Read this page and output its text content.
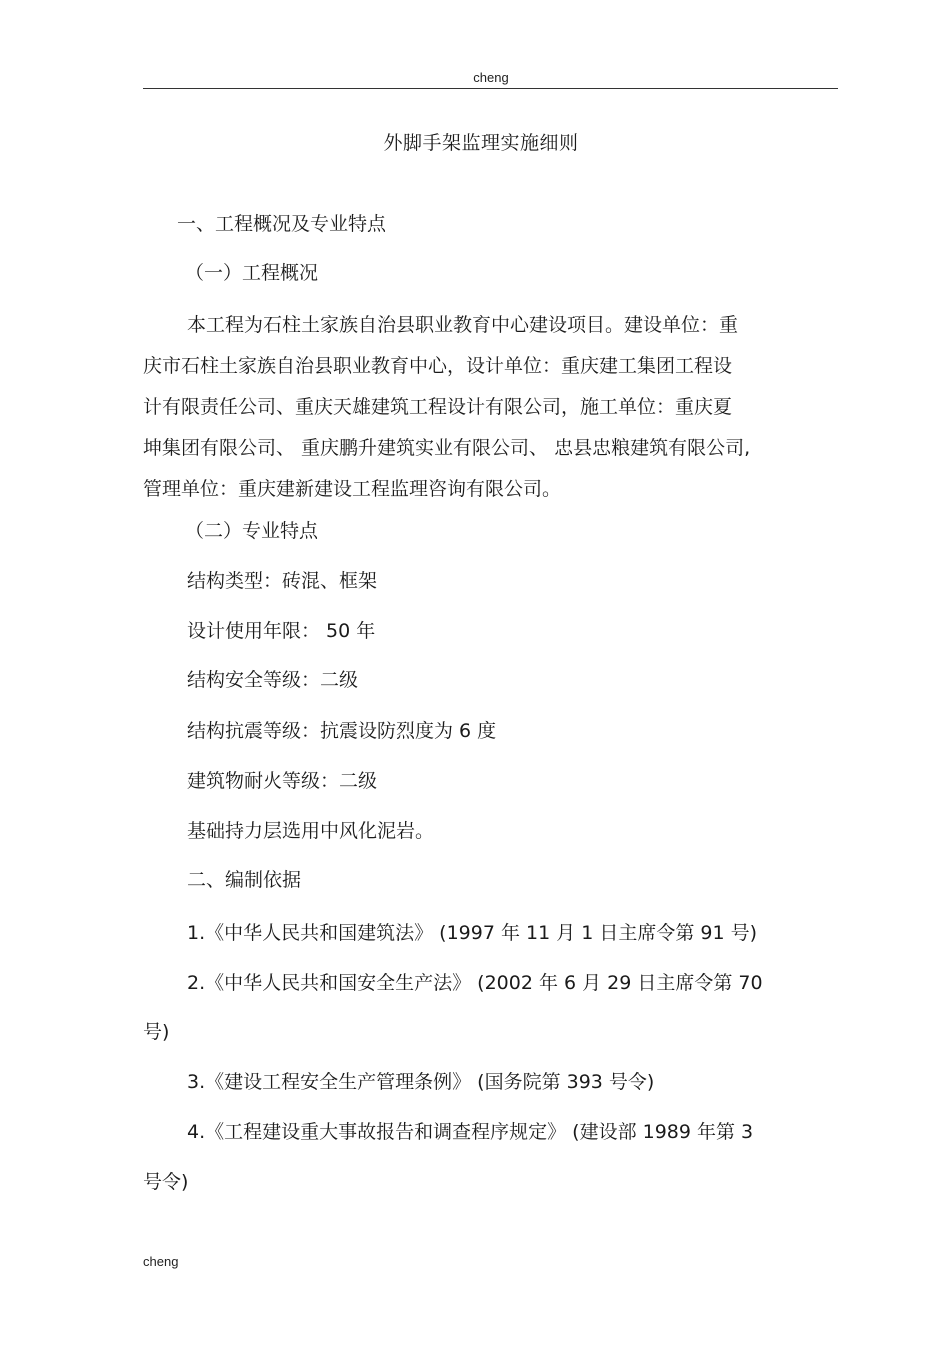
cheng
外脚手架监理实施细则
一、工程概况及专业特点
（一）工程概况
本工程为石柱土家族自治县职业教育中心建设项目。建设单位：重
庆市石柱土家族自治县职业教育中心，设计单位：重庆建工集团工程设
计有限责任公司、重庆天雄建筑工程设计有限公司，施工单位：重庆夏
坤集团有限公司、 重庆鹏升建筑实业有限公司、 忠县忠粮建筑有限公司,
管理单位：重庆建新建设工程监理咨询有限公司。
（二）专业特点
结构类型：砖混、框架
设计使用年限： 50 年
结构安全等级：二级
结构抗震等级：抗震设防烈度为 6 度
建筑物耐火等级：二级
基础持力层选用中风化泥岩。
二、编制依据
1.《中华人民共和国建筑法》 (1997 年 11 月 1 日主席令第 91 号)
2.《中华人民共和国安全生产法》 (2002 年 6 月 29 日主席令第 70
号)
3.《建设工程安全生产管理条例》 (国务院第 393 号令)
4.《工程建设重大事故报告和调查程序规定》 (建设部 1989 年第 3
号令)
cheng
